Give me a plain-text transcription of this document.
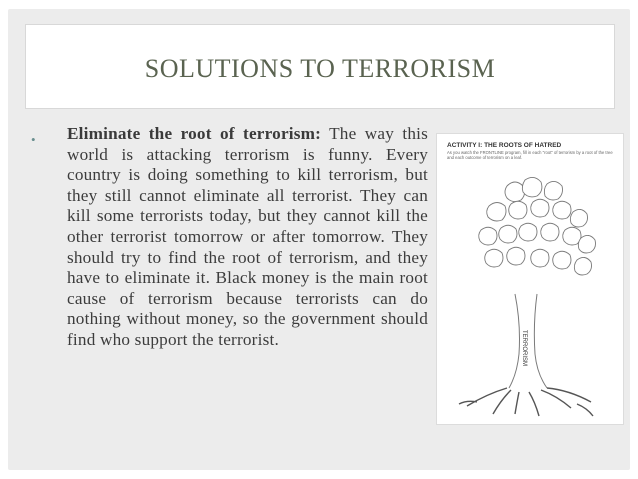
SOLUTIONS TO TERRORISM
• Eliminate the root of terrorism: The way this world is attacking terrorism is funny. Every country is doing something to kill terrorism, but they still cannot eliminate all terrorist. They can kill some terrorists today, but they cannot kill the other terrorist tomorrow or after tomorrow. They should try to find the root of terrorism, and they have to eliminate it. Black money is the main root cause of terrorism because terrorists can do nothing without money, so the government should find who support the terrorist.
ACTIVITY I: THE ROOTS OF HATRED
As you watch the FRONTLINE program, fill in each "root" of terrorism by a root of the tree and each outcome of terrorism on a leaf.
TERRORISM
